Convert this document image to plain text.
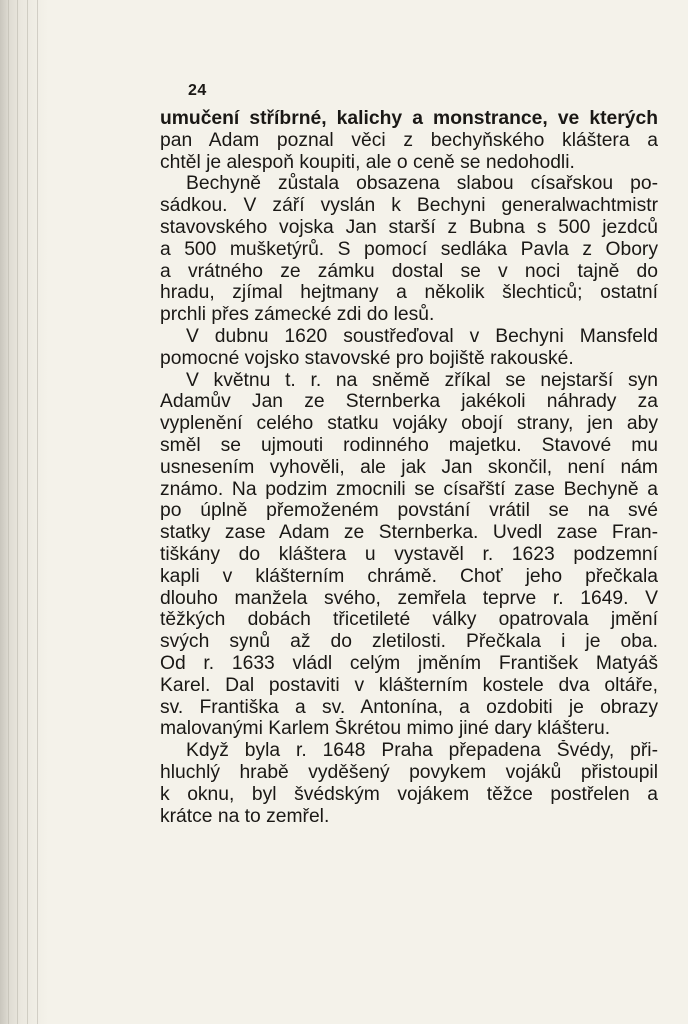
24
umučení stříbrné, kalichy a monstrance, ve kterých
pan Adam poznal věci z bechyňského kláštera a
chtěl je alespoň koupiti, ale o ceně se nedohodli.
Bechyně zůstala obsazena slabou císařskou po-
sádkou. V září vyslán k Bechyni generalwachtmistr
stavovského vojska Jan starší z Bubna s 500 jezdců
a 500 mušketýrů. S pomocí sedláka Pavla z Obory
a vrátného ze zámku dostal se v noci tajně do
hradu, zjímal hejtmany a několik šlechticů; ostatní
prchli přes zámecké zdi do lesů.
V dubnu 1620 soustřeďoval v Bechyni Mansfeld
pomocné vojsko stavovské pro bojiště rakouské.
V květnu t. r. na sněmě zříkal se nejstarší syn
Adamův Jan ze Sternberka jakékoli náhrady za
vyplenění celého statku vojáky obojí strany, jen aby
směl se ujmouti rodinného majetku. Stavové mu
usnesením vyhověli, ale jak Jan skončil, není nám
známo. Na podzim zmocnili se císařští zase Bechyně a
po úplně přemoženém povstání vrátil se na své
statky zase Adam ze Sternberka. Uvedl zase Fran-
tiškány do kláštera u vystavěl r. 1623 podzemní
kapli v klášterním chrámě. Choť jeho přečkala
dlouho manžela svého, zemřela teprve r. 1649. V
těžkých dobách třicetileté války opatrovala jmění
svých synů až do zletilosti. Přečkala i je oba.
Od r. 1633 vládl celým jměním František Matyáš
Karel. Dal postaviti v klášterním kostele dva oltáře,
sv. Františka a sv. Antonína, a ozdobiti je obrazy
malovanými Karlem Škrétou mimo jiné dary klášteru.
Když byla r. 1648 Praha přepadena Švédy, při-
hluchlý hrabě vyděšený povykem vojáků přistoupil
k oknu, byl švédským vojákem těžce postřelen a
krátce na to zemřel.
